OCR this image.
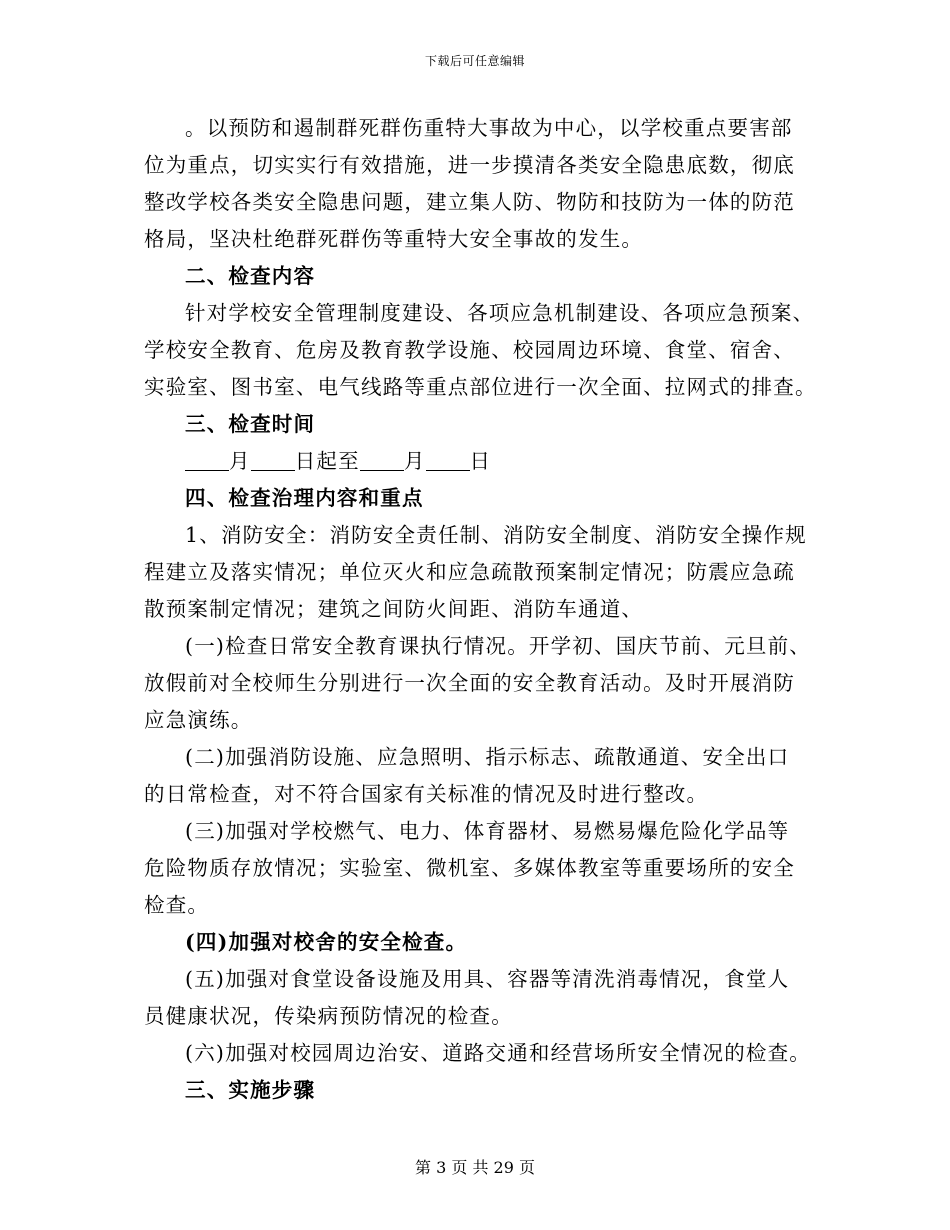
下载后可任意编辑

。以预防和遏制群死群伤重特大事故为中心，以学校重点要害部

位为重点，切实实行有效措施，进一步摸清各类安全隐患底数，彻底

整改学校各类安全隐患问题，建立集人防、物防和技防为一体的防范

格局，坚决杜绝群死群伤等重特大安全事故的发生。

二、检查内容

针对学校安全管理制度建设、各项应急机制建设、各项应急预案、

学校安全教育、危房及教育教学设施、校园周边环境、食堂、宿舍、

实验室、图书室、电气线路等重点部位进行一次全面、拉网式的排查。

三、检查时间

月 日起至 月 日

四、检查治理内容和重点

1、消防安全：消防安全责任制、消防安全制度、消防安全操作规

程建立及落实情况；单位灭火和应急疏散预案制定情况；防震应急疏

散预案制定情况；建筑之间防火间距、消防车通道、

(一)检查日常安全教育课执行情况。开学初、国庆节前、元旦前、

放假前对全校师生分别进行一次全面的安全教育活动。及时开展消防

应急演练。

(二)加强消防设施、应急照明、指示标志、疏散通道、安全出口

的日常检查，对不符合国家有关标准的情况及时进行整改。

(三)加强对学校燃气、电力、体育器材、易燃易爆危险化学品等

危险物质存放情况；实验室、微机室、多媒体教室等重要场所的安全

检查。

(四)加强对校舍的安全检查。

(五)加强对食堂设备设施及用具、容器等清洗消毒情况，食堂人

员健康状况，传染病预防情况的检查。

(六)加强对校园周边治安、道路交通和经营场所安全情况的检查。

三、实施步骤

第 3 页 共 29 页
